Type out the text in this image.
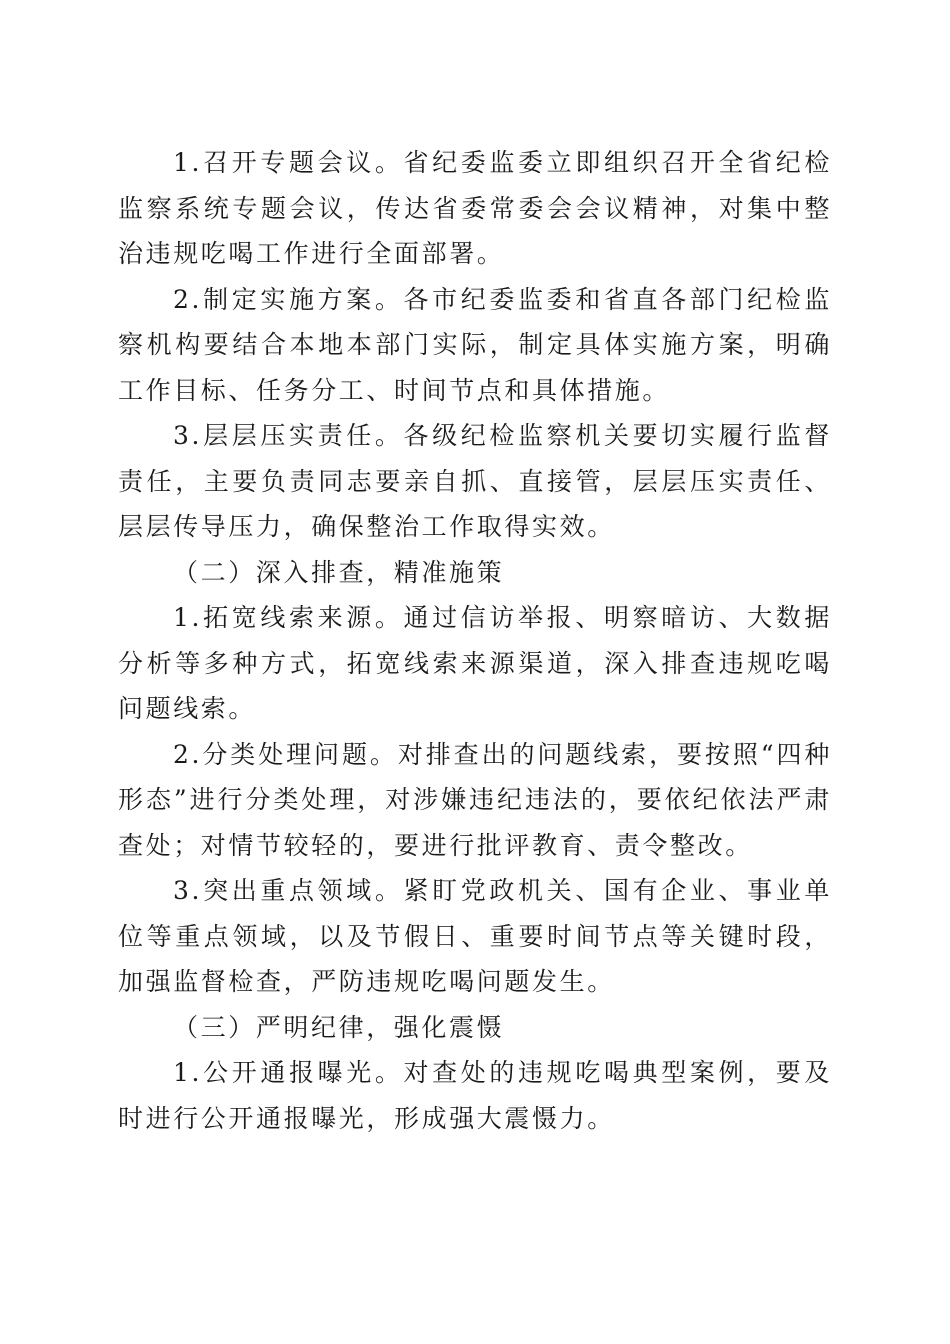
1.召开专题会议。省纪委监委立即组织召开全省纪检监察系统专题会议，传达省委常委会会议精神，对集中整治违规吃喝工作进行全面部署。

2.制定实施方案。各市纪委监委和省直各部门纪检监察机构要结合本地本部门实际，制定具体实施方案，明确工作目标、任务分工、时间节点和具体措施。

3.层层压实责任。各级纪检监察机关要切实履行监督责任，主要负责同志要亲自抓、直接管，层层压实责任、层层传导压力，确保整治工作取得实效。

（二）深入排查，精准施策

1.拓宽线索来源。通过信访举报、明察暗访、大数据分析等多种方式，拓宽线索来源渠道，深入排查违规吃喝问题线索。

2.分类处理问题。对排查出的问题线索，要按照“四种形态”进行分类处理，对涉嫌违纪违法的，要依纪依法严肃查处；对情节较轻的，要进行批评教育、责令整改。

3.突出重点领域。紧盯党政机关、国有企业、事业单位等重点领域，以及节假日、重要时间节点等关键时段，加强监督检查，严防违规吃喝问题发生。

（三）严明纪律，强化震慑

1.公开通报曝光。对查处的违规吃喝典型案例，要及时进行公开通报曝光，形成强大震慑力。
